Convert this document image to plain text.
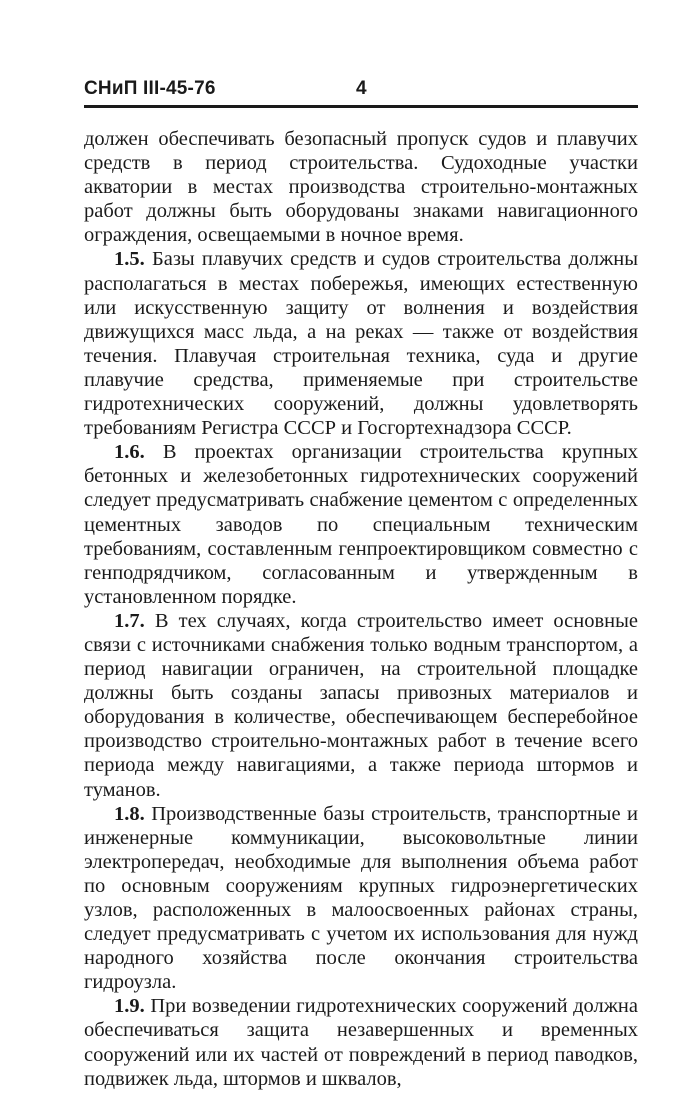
СНиП III-45-76	4

должен обеспечивать безопасный пропуск судов и плавучих средств в период строительства. Судоходные участки акватории в местах производства строительно-монтажных работ должны быть оборудованы знаками навигационного ограждения, освещаемыми в ночное время.

1.5. Базы плавучих средств и судов строительства должны располагаться в местах побережья, имеющих естественную или искусственную защиту от волнения и воздействия движущихся масс льда, а на реках — также от воздействия течения. Плавучая строительная техника, суда и другие плавучие средства, применяемые при строительстве гидротехнических сооружений, должны удовлетворять требованиям Регистра СССР и Госгортехнадзора СССР.

1.6. В проектах организации строительства крупных бетонных и железобетонных гидротехнических сооружений следует предусматривать снабжение цементом с определенных цементных заводов по специальным техническим требованиям, составленным генпроектировщиком совместно с генподрядчиком, согласованным и утвержденным в установленном порядке.

1.7. В тех случаях, когда строительство имеет основные связи с источниками снабжения только водным транспортом, а период навигации ограничен, на строительной площадке должны быть созданы запасы привозных материалов и оборудования в количестве, обеспечивающем бесперебойное производство строительно-монтажных работ в течение всего периода между навигациями, а также периода штормов и туманов.

1.8. Производственные базы строительств, транспортные и инженерные коммуникации, высоковольтные линии электропередач, необходимые для выполнения объема работ по основным сооружениям крупных гидроэнергетических узлов, расположенных в малоосвоенных районах страны, следует предусматривать с учетом их использования для нужд народного хозяйства после окончания строительства гидроузла.

1.9. При возведении гидротехнических сооружений должна обеспечиваться защита незавершенных и временных сооружений или их частей от повреждений в период паводков, подвижек льда, штормов и шквалов,
